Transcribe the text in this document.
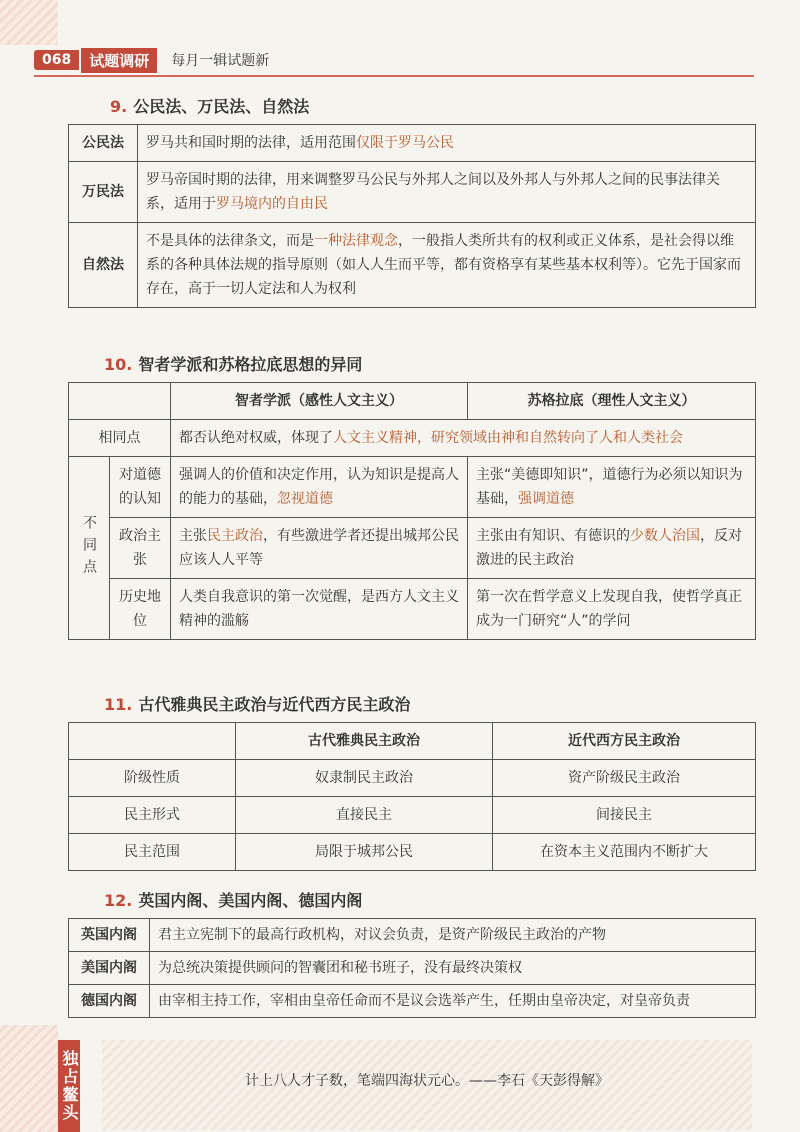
068	试题调研	每月一辑试题新
9. 公民法、万民法、自然法
公民法	罗马共和国时期的法律，适用范围仅限于罗马公民
万民法	罗马帝国时期的法律，用来调整罗马公民与外邦人之间以及外邦人与外邦人之间的民事法律关系，适用于罗马境内的自由民
自然法	不是具体的法律条文，而是一种法律观念，一般指人类所共有的权利或正义体系，是社会得以维系的各种具体法规的指导原则（如人人生而平等，都有资格享有某些基本权利等）。它先于国家而存在，高于一切人定法和人为权利
10. 智者学派和苏格拉底思想的异同
		智者学派（感性人文主义）	苏格拉底（理性人文主义）
相同点		都否认绝对权威，体现了人文主义精神，研究领域由神和自然转向了人和人类社会	
不同点	对道德的认知	强调人的价值和决定作用，认为知识是提高人的能力的基础，忽视道德	主张“美德即知识”，道德行为必须以知识为基础，强调道德
	政治主张	主张民主政治，有些激进学者还提出城邦公民应该人人平等	主张由有知识、有德识的少数人治国，反对激进的民主政治
	历史地位	人类自我意识的第一次觉醒，是西方人文主义精神的滥觞	第一次在哲学意义上发现自我，使哲学真正成为一门研究“人”的学问
11. 古代雅典民主政治与近代西方民主政治
	古代雅典民主政治	近代西方民主政治
阶级性质	奴隶制民主政治	资产阶级民主政治
民主形式	直接民主	间接民主
民主范围	局限于城邦公民	在资本主义范围内不断扩大
12. 英国内阁、美国内阁、德国内阁
英国内阁	君主立宪制下的最高行政机构，对议会负责，是资产阶级民主政治的产物
美国内阁	为总统决策提供顾问的智囊团和秘书班子，没有最终决策权
德国内阁	由宰相主持工作，宰相由皇帝任命而不是议会选举产生，任期由皇帝决定，对皇帝负责
独占鳌头	计上八人才子数，笔端四海状元心。——李石《天彭得解》
